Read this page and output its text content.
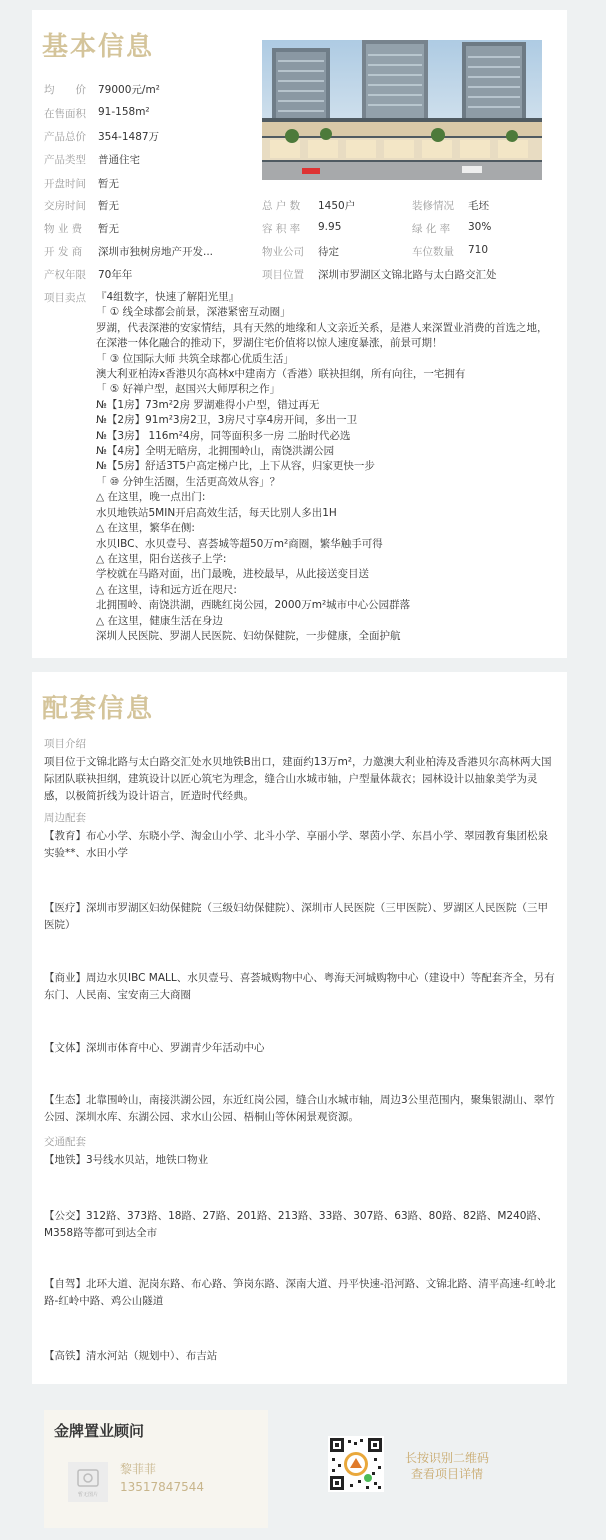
基本信息
均　　价 79000元/m²
在售面积 91-158m²
产品总价 354-1487万
产品类型 普通住宅
开盘时间 暂无
交房时间 暂无
物 业 费 暂无
开 发 商 深圳市独树房地产开发...
产权年限 70年年
项目卖点
总 户 数 1450户
容 积 率 9.95
物业公司 待定
项目位置 深圳市罗湖区文锦北路与太白路交汇处
装修情况 毛坯
绿 化 率 30%
车位数量 710
『4组数字，快速了解阳光里』
「 ① 线全球都会前景，深港紧密互动圈」
罗湖，代表深港的安家情结，具有天然的地缘和人文亲近关系，是港人来深置业消费的首选之地，在深港一体化融合的推动下，罗湖住宅价值将以惊人速度暴涨，前景可期！
「 ③ 位国际大师 共筑全球都心优质生活」
澳大利亚柏涛x香港贝尔高林x中建南方（香港）联袂担纲，所有向往，一宅拥有
「 ⑤ 好禅户型，赵国兴大师厚积之作」
№【1房】73m²2房 罗湖难得小户型，错过再无
№【2房】91m²3房2卫，3房尺寸享4房开间，多出一卫
№【3房】 116m²4房，同等面积多一房 二胎时代必选
№【4房】全明无暗房，北拥围岭山，南饶洪湖公园
№【5房】舒适3T5户高定梯户比，上下从容，归家更快一步
「 ⑩ 分钟生活圈，生活更高效从容」？
△ 在这里，晚一点出门:
水贝地铁站5MIN开启高效生活，每天比别人多出1H
△ 在这里，繁华在侧:
水贝IBC、水贝壹号、喜荟城等超50万m²商圈，繁华触手可得
△ 在这里，阳台送孩子上学:
学校就在马路对面，出门最晚，进校最早，从此接送变目送
△ 在这里，诗和远方近在咫尺:
北拥围岭、南饶洪湖，西眺红岗公园，2000万m²城市中心公园群落
△ 在这里，健康生活在身边
深圳人民医院、罗湖人民医院、妇幼保健院，一步健康，全面护航
配套信息
项目介绍
项目位于文锦北路与太白路交汇处水贝地铁B出口，建面约13万m²，力邀澳大利业柏涛及香港贝尔高林两大国际团队联袂担纲，建筑设计以匠心筑宅为理念，缝合山水城市轴，户型量体裁衣；园林设计以抽象美学为灵感，以极简折线为设计语言，匠造时代经典。
周边配套
【教育】布心小学、东晓小学、淘金山小学、北斗小学、享丽小学、翠茵小学、东昌小学、翠园教育集团松泉实验**、水田小学
【医疗】深圳市罗湖区妇幼保健院（三级妇幼保健院）、深圳市人民医院（三甲医院）、罗湖区人民医院（三甲医院）
【商业】周边水贝IBC MALL、水贝壹号、喜荟城购物中心、粤海天河城购物中心（建设中）等配套齐全，另有东门、人民南、宝安南三大商圈
【文体】深圳市体育中心、罗湖青少年活动中心
【生态】北靠围岭山，南接洪湖公园，东近红岗公园，缝合山水城市轴，周边3公里范围内，聚集银湖山、翠竹公园、深圳水库、东湖公园、求水山公园、梧桐山等休闲景观资源。
交通配套
【地铁】3号线水贝站，地铁口物业
【公交】312路、373路、18路、27路、201路、213路、33路、307路、63路、80路、82路、M240路、M358路等都可到达全市
【自驾】北环大道、泥岗东路、布心路、笋岗东路、深南大道、丹平快速-沿河路、文锦北路、清平高速-红岭北路-红岭中路、鸡公山隧道
【高铁】清水河站（规划中）、布吉站
金牌置业顾问
暂无图片
黎菲菲
13517847544
长按识别二维码
查看项目详情
